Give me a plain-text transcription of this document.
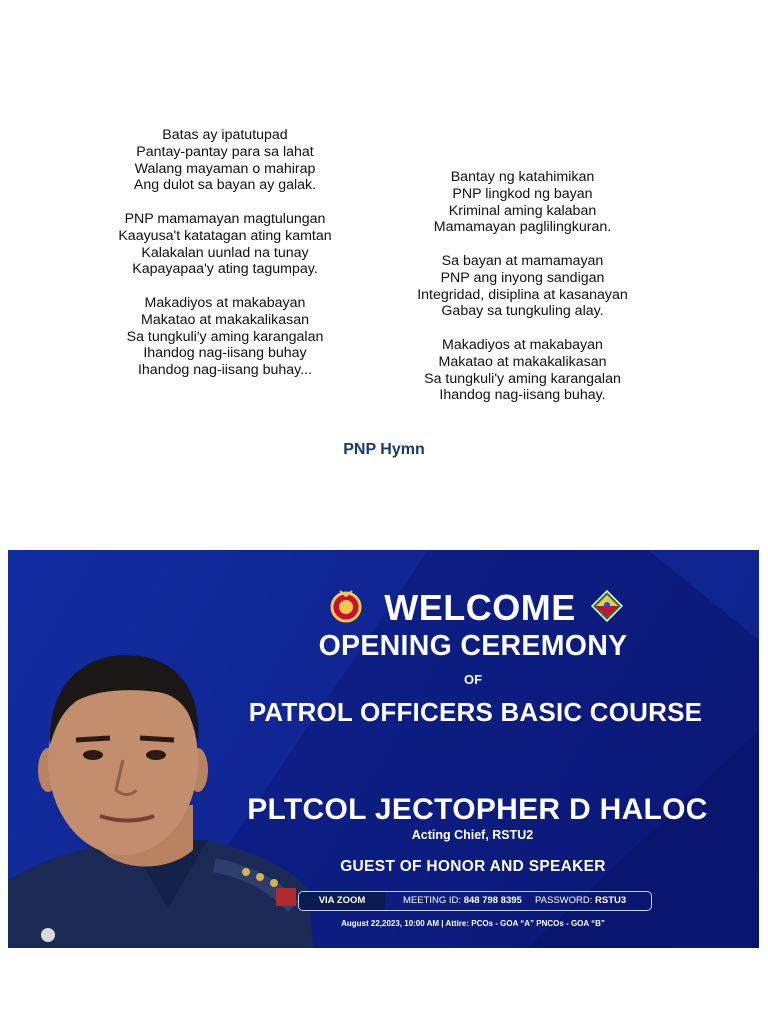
Batas ay ipatutupad
Pantay-pantay para sa lahat
Walang mayaman o mahirap
Ang dulot sa bayan ay galak.
PNP mamamayan magtulungan
Kaayusa't katatagan ating kamtan
Kalakalan uunlad na tunay
Kapayapaa'y ating tagumpay.
Makadiyos at makabayan
Makatao at makakalikasan
Sa tungkuli'y aming karangalan
Ihandog nag-iisang buhay
Ihandog nag-iisang buhay...
Bantay ng katahimikan
PNP lingkod ng bayan
Kriminal aming kalaban
Mamamayan paglilingkuran.
Sa bayan at mamamayan
PNP ang inyong sandigan
Integridad, disiplina at kasanayan
Gabay sa tungkuling alay.
Makadiyos at makabayan
Makatao at makakalikasan
Sa tungkuli'y aming karangalan
Ihandog nag-iisang buhay.
PNP Hymn
WELCOME
OPENING CEREMONY
OF
PATROL OFFICERS BASIC COURSE
PLTCOL JECTOPHER D HALOC
Acting Chief, RSTU2
GUEST OF HONOR AND SPEAKER
VIA ZOOM	MEETING ID: 848 798 8395 PASSWORD: RSTU3
August 22,2023, 10:00 AM | Attire: PCOs - GOA “A” PNCOs - GOA “B”
